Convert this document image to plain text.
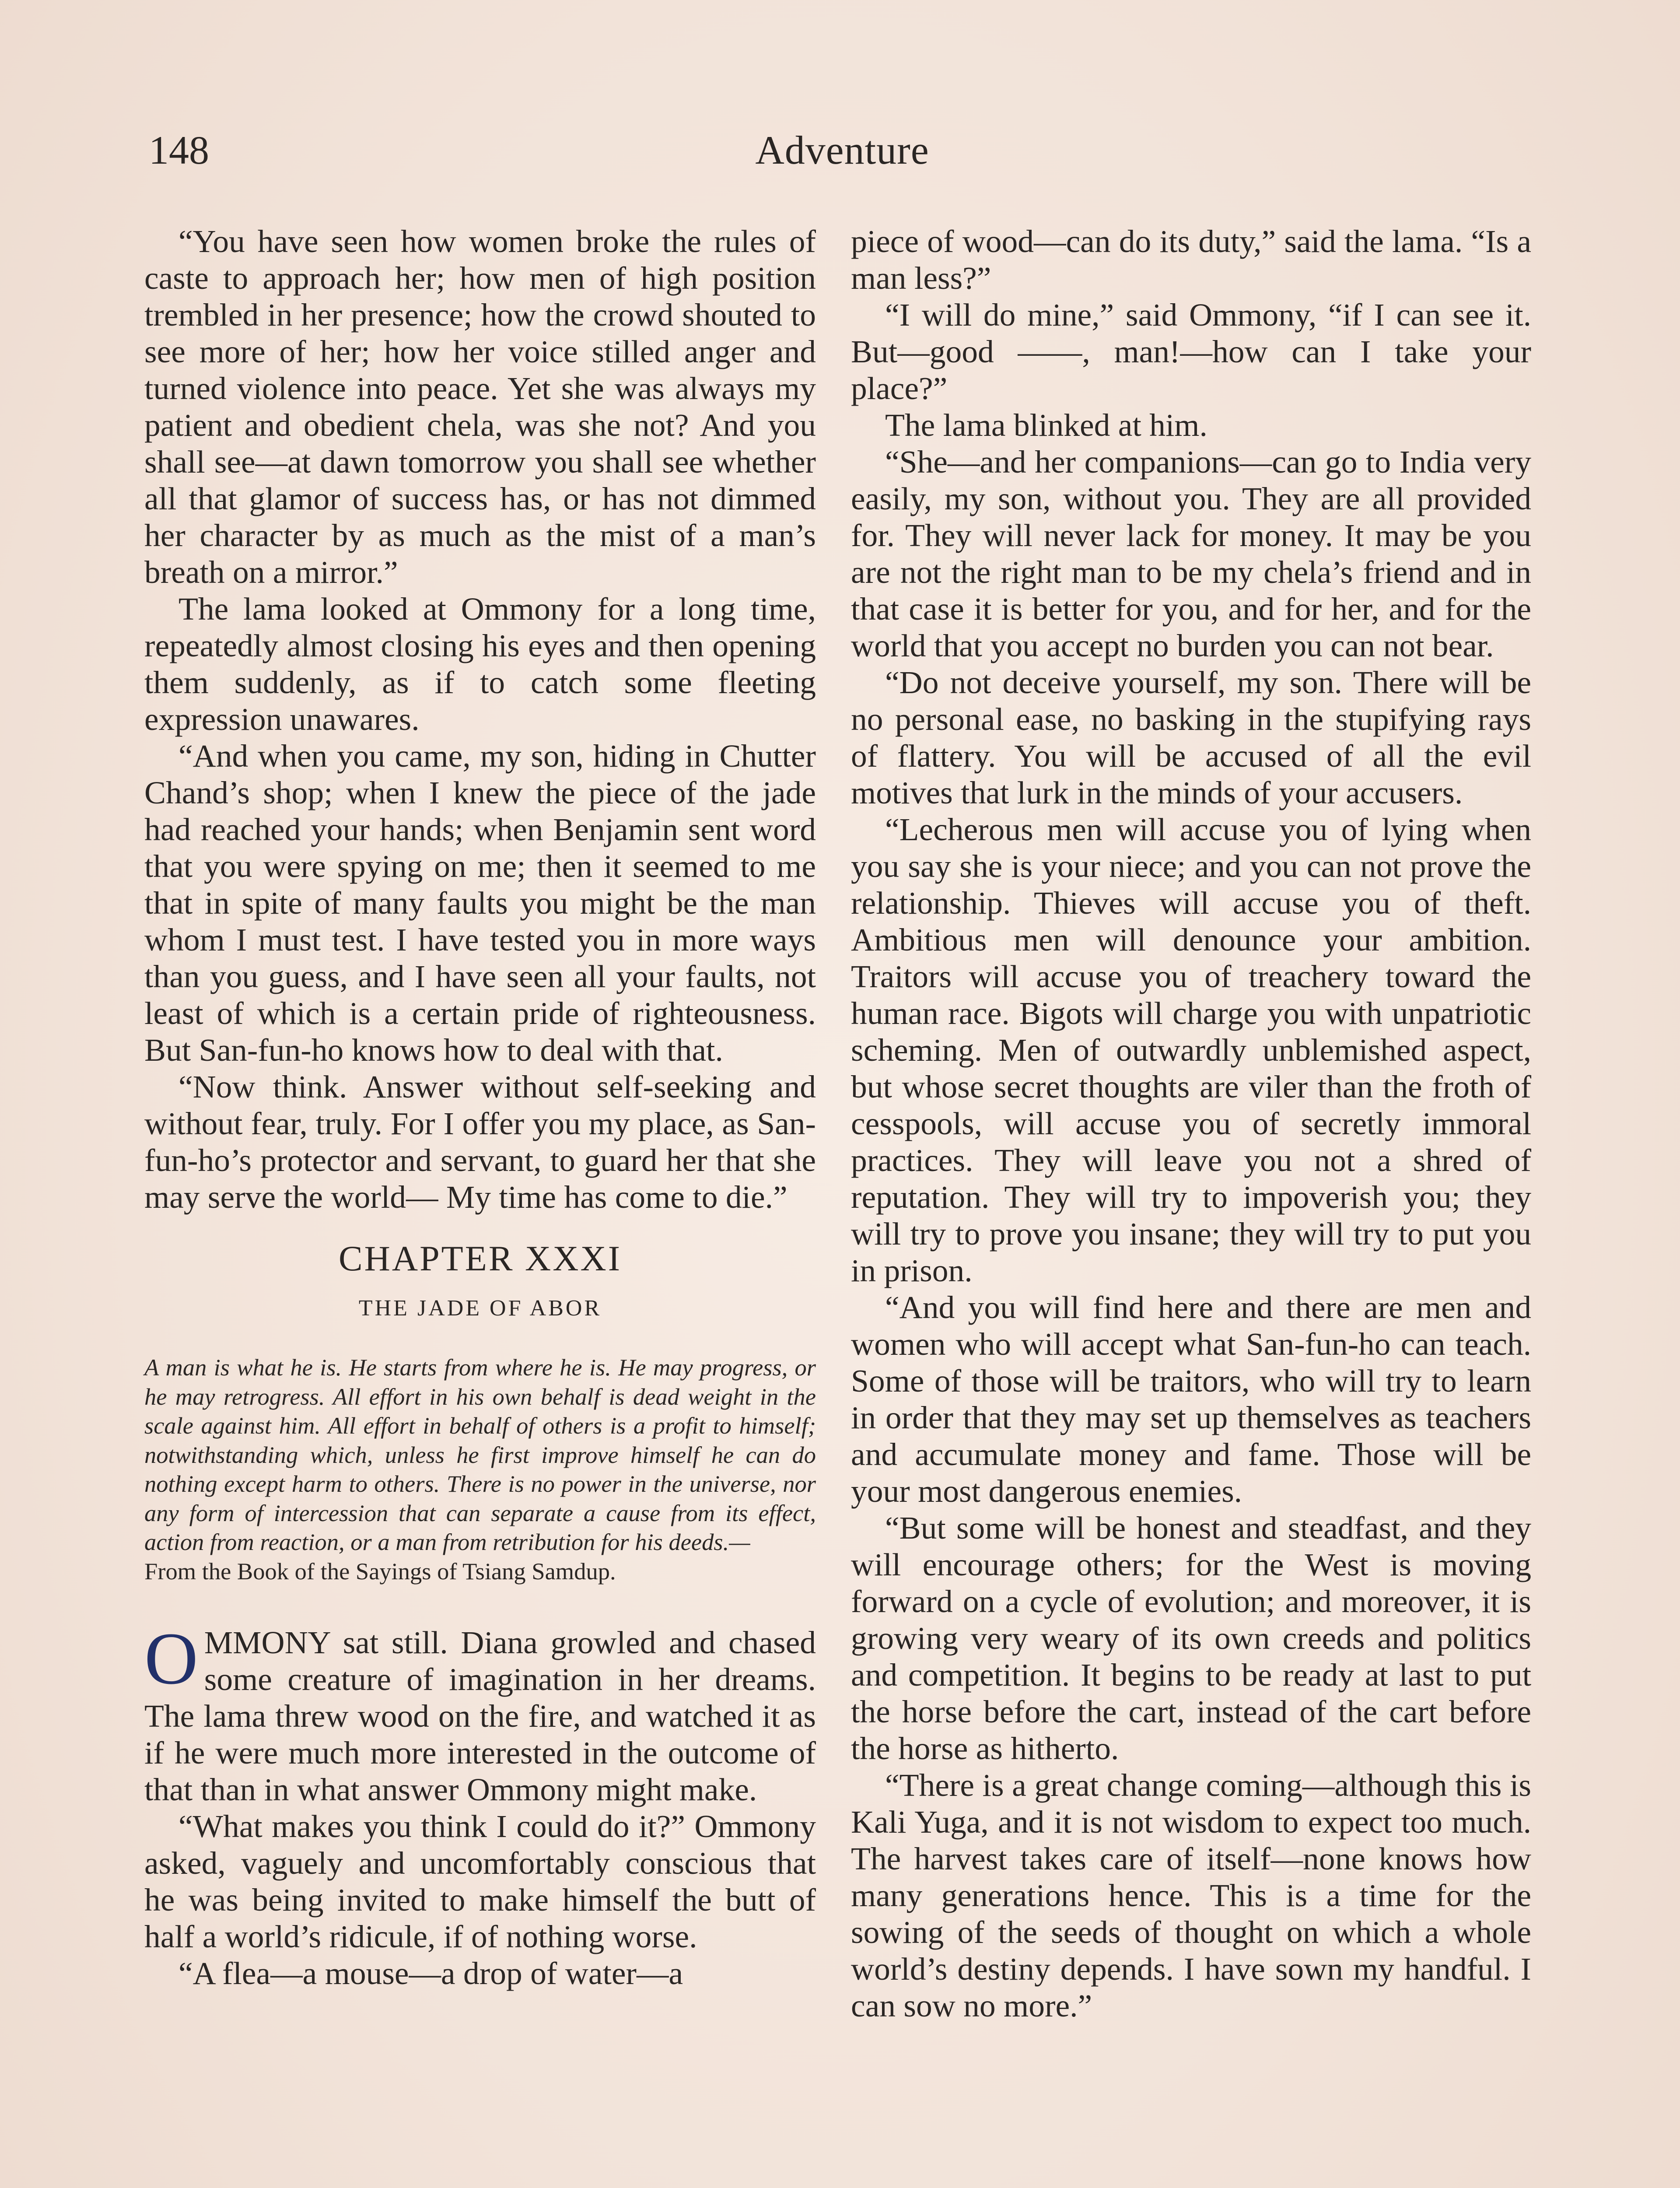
148	Adventure

“You have seen how women broke the rules of caste to approach her; how men of high position trembled in her presence; how the crowd shouted to see more of her; how her voice stilled anger and turned violence into peace. Yet she was always my patient and obedient chela, was she not? And you shall see—at dawn tomorrow you shall see whether all that glamor of success has, or has not dimmed her character by as much as the mist of a man’s breath on a mirror.”

The lama looked at Ommony for a long time, repeatedly almost closing his eyes and then opening them suddenly, as if to catch some fleeting expression unawares.

“And when you came, my son, hiding in Chutter Chand’s shop; when I knew the piece of the jade had reached your hands; when Benjamin sent word that you were spying on me; then it seemed to me that in spite of many faults you might be the man whom I must test. I have tested you in more ways than you guess, and I have seen all your faults, not least of which is a certain pride of righteousness. But San-fun-ho knows how to deal with that.

“Now think. Answer without self-seeking and without fear, truly. For I offer you my place, as San-fun-ho’s protector and servant, to guard her that she may serve the world— My time has come to die.”

CHAPTER XXXI
THE JADE OF ABOR
A man is what he is. He starts from where he is. He may progress, or he may retrogress. All effort in his own behalf is dead weight in the scale against him. All effort in behalf of others is a profit to himself; notwithstanding which, unless he first improve himself he can do nothing except harm to others. There is no power in the universe, nor any form of intercession that can separate a cause from its effect, action from reaction, or a man from retribution for his deeds.—
From the Book of the Sayings of Tsiang Samdup.

OMMONY sat still. Diana growled and chased some creature of imagination in her dreams. The lama threw wood on the fire, and watched it as if he were much more interested in the outcome of that than in what answer Ommony might make.

“What makes you think I could do it?” Ommony asked, vaguely and uncomfortably conscious that he was being invited to make himself the butt of half a world’s ridicule, if of nothing worse.

“A flea—a mouse—a drop of water—a

piece of wood—can do its duty,” said the lama. “Is a man less?”

“I will do mine,” said Ommony, “if I can see it. But—good ——, man!—how can I take your place?”

The lama blinked at him.

“She—and her companions—can go to India very easily, my son, without you. They are all provided for. They will never lack for money. It may be you are not the right man to be my chela’s friend and in that case it is better for you, and for her, and for the world that you accept no burden you can not bear.

“Do not deceive yourself, my son. There will be no personal ease, no basking in the stupifying rays of flattery. You will be accused of all the evil motives that lurk in the minds of your accusers.

“Lecherous men will accuse you of lying when you say she is your niece; and you can not prove the relationship. Thieves will accuse you of theft. Ambitious men will denounce your ambition. Traitors will accuse you of treachery toward the human race. Bigots will charge you with unpatriotic scheming. Men of outwardly unblemished aspect, but whose secret thoughts are viler than the froth of cesspools, will accuse you of secretly immoral practices. They will leave you not a shred of reputation. They will try to impoverish you; they will try to prove you insane; they will try to put you in prison.

“And you will find here and there are men and women who will accept what San-fun-ho can teach. Some of those will be traitors, who will try to learn in order that they may set up themselves as teachers and accumulate money and fame. Those will be your most dangerous enemies.

“But some will be honest and steadfast, and they will encourage others; for the West is moving forward on a cycle of evolution; and moreover, it is growing very weary of its own creeds and politics and competition. It begins to be ready at last to put the horse before the cart, instead of the cart before the horse as hitherto.

“There is a great change coming—although this is Kali Yuga, and it is not wisdom to expect too much. The harvest takes care of itself—none knows how many generations hence. This is a time for the sowing of the seeds of thought on which a whole world’s destiny depends. I have sown my handful. I can sow no more.”
